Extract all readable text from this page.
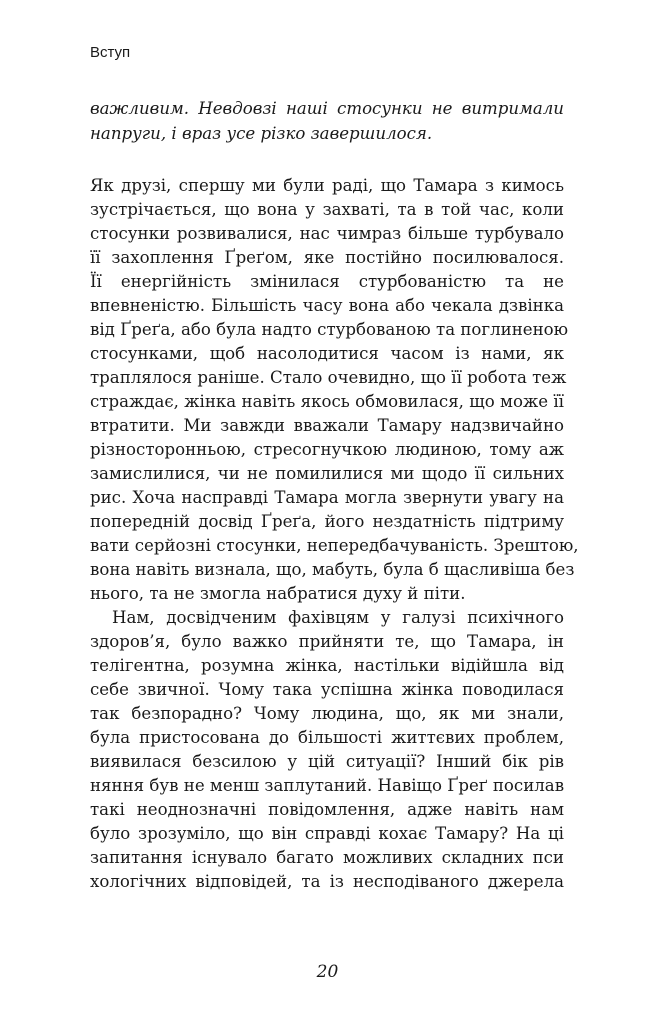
Вступ
важливим. Невдовзі наші стосунки не витримали
напруги, і враз усе різко завершилося.
Як друзі, спершу ми були раді, що Тамара з кимось
зустрічається, що вона у захваті, та в той час, коли
стосунки розвивалися, нас чимраз більше турбувало
її захоплення Ґреґом, яке постійно посилювалося.
Її енергійність змінилася стурбованістю та не
впевненістю. Більшість часу вона або чекала дзвінка
від Ґреґа, або була надто стурбованою та поглиненою
стосунками, щоб насолодитися часом із нами, як
траплялося раніше. Стало очевидно, що її робота теж
страждає, жінка навіть якось обмовилася, що може її
втратити. Ми завжди вважали Тамару надзвичайно
різносторонньою, стресогнучкою людиною, тому аж
замислилися, чи не помилилися ми щодо її сильних
рис. Хоча насправді Тамара могла звернути увагу на
попередній досвід Ґреґа, його нездатність підтриму
вати серйозні стосунки, непередбачуваність. Зрештою,
вона навіть визнала, що, мабуть, була б щасливіша без
нього, та не змогла набратися духу й піти.
Нам, досвідченим фахівцям у галузі психічного
здоров’я, було важко прийняти те, що Тамара, ін
телігентна, розумна жінка, настільки відійшла від
себе звичної. Чому така успішна жінка поводилася
так безпорадно? Чому людина, що, як ми знали,
була пристосована до більшості життєвих проблем,
виявилася безсилою у цій ситуації? Інший бік рів
няння був не менш заплутаний. Навіщо Ґреґ посилав
такі неоднозначні повідомлення, адже навіть нам
було зрозуміло, що він справді кохає Тамару? На ці
запитання існувало багато можливих складних пси
хологічних відповідей, та із несподіваного джерела
20
